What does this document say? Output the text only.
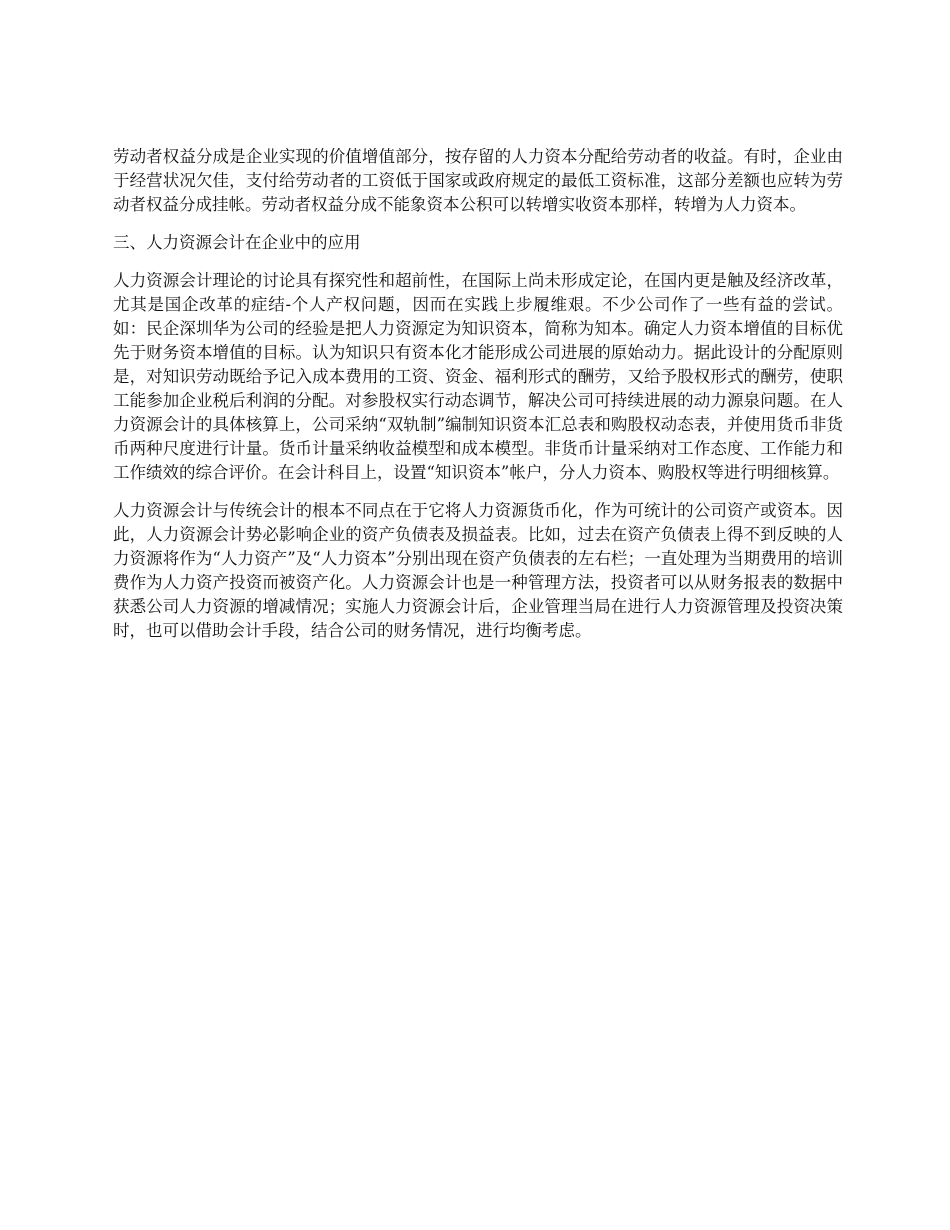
劳动者权益分成是企业实现的价值增值部分，按存留的人力资本分配给劳动者的收益。有时，企业由于经营状况欠佳，支付给劳动者的工资低于国家或政府规定的最低工资标准，这部分差额也应转为劳动者权益分成挂帐。劳动者权益分成不能象资本公积可以转增实收资本那样，转增为人力资本。

三、人力资源会计在企业中的应用

人力资源会计理论的讨论具有探究性和超前性，在国际上尚未形成定论，在国内更是触及经济改革，尤其是国企改革的症结-个人产权问题，因而在实践上步履维艰。不少公司作了一些有益的尝试。如：民企深圳华为公司的经验是把人力资源定为知识资本，简称为知本。确定人力资本增值的目标优先于财务资本增值的目标。认为知识只有资本化才能形成公司进展的原始动力。据此设计的分配原则是，对知识劳动既给予记入成本费用的工资、资金、福利形式的酬劳，又给予股权形式的酬劳，使职工能参加企业税后利润的分配。对参股权实行动态调节，解决公司可持续进展的动力源泉问题。在人力资源会计的具体核算上，公司采纳“双轨制”编制知识资本汇总表和购股权动态表，并使用货币非货币两种尺度进行计量。货币计量采纳收益模型和成本模型。非货币计量采纳对工作态度、工作能力和工作绩效的综合评价。在会计科目上，设置“知识资本”帐户，分人力资本、购股权等进行明细核算。

人力资源会计与传统会计的根本不同点在于它将人力资源货币化，作为可统计的公司资产或资本。因此，人力资源会计势必影响企业的资产负债表及损益表。比如，过去在资产负债表上得不到反映的人力资源将作为“人力资产”及“人力资本”分别出现在资产负债表的左右栏；一直处理为当期费用的培训费作为人力资产投资而被资产化。人力资源会计也是一种管理方法，投资者可以从财务报表的数据中获悉公司人力资源的增减情况；实施人力资源会计后，企业管理当局在进行人力资源管理及投资决策时，也可以借助会计手段，结合公司的财务情况，进行均衡考虑。
